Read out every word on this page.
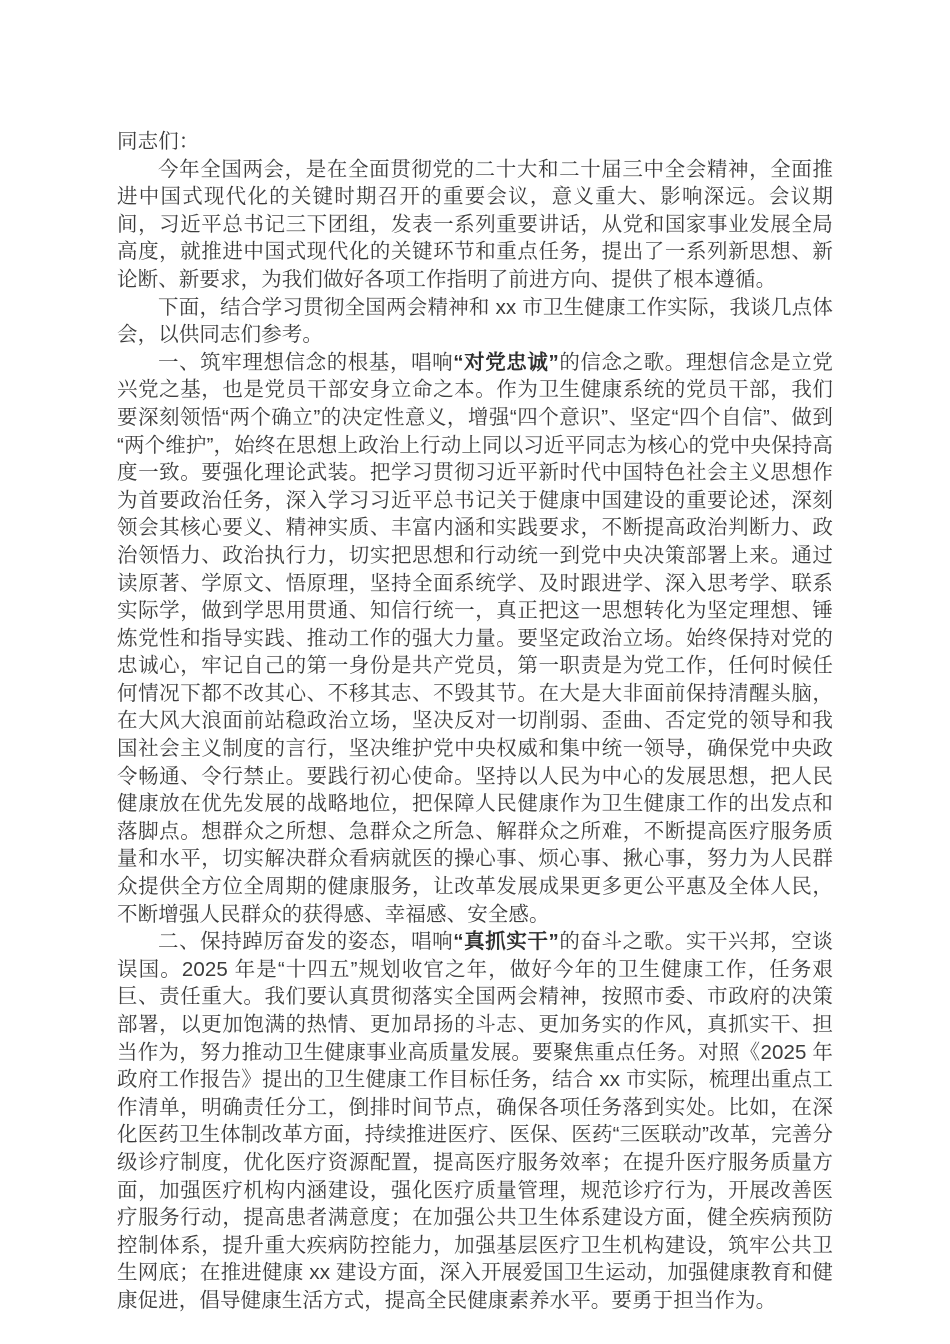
同志们：

今年全国两会，是在全面贯彻党的二十大和二十届三中全会精神，全面推进中国式现代化的关键时期召开的重要会议，意义重大、影响深远。会议期间，习近平总书记三下团组，发表一系列重要讲话，从党和国家事业发展全局高度，就推进中国式现代化的关键环节和重点任务，提出了一系列新思想、新论断、新要求，为我们做好各项工作指明了前进方向、提供了根本遵循。

下面，结合学习贯彻全国两会精神和 xx 市卫生健康工作实际，我谈几点体会，以供同志们参考。

一、筑牢理想信念的根基，唱响“对党忠诚”的信念之歌。理想信念是立党兴党之基，也是党员干部安身立命之本。作为卫生健康系统的党员干部，我们要深刻领悟“两个确立”的决定性意义，增强“四个意识”、坚定“四个自信”、做到“两个维护”，始终在思想上政治上行动上同以习近平同志为核心的党中央保持高度一致。要强化理论武装。把学习贯彻习近平新时代中国特色社会主义思想作为首要政治任务，深入学习习近平总书记关于健康中国建设的重要论述，深刻领会其核心要义、精神实质、丰富内涵和实践要求，不断提高政治判断力、政治领悟力、政治执行力，切实把思想和行动统一到党中央决策部署上来。通过读原著、学原文、悟原理，坚持全面系统学、及时跟进学、深入思考学、联系实际学，做到学思用贯通、知信行统一，真正把这一思想转化为坚定理想、锤炼党性和指导实践、推动工作的强大力量。要坚定政治立场。始终保持对党的忠诚心，牢记自己的第一身份是共产党员，第一职责是为党工作，任何时候任何情况下都不改其心、不移其志、不毁其节。在大是大非面前保持清醒头脑，在大风大浪面前站稳政治立场，坚决反对一切削弱、歪曲、否定党的领导和我国社会主义制度的言行，坚决维护党中央权威和集中统一领导，确保党中央政令畅通、令行禁止。要践行初心使命。坚持以人民为中心的发展思想，把人民健康放在优先发展的战略地位，把保障人民健康作为卫生健康工作的出发点和落脚点。想群众之所想、急群众之所急、解群众之所难，不断提高医疗服务质量和水平，切实解决群众看病就医的操心事、烦心事、揪心事，努力为人民群众提供全方位全周期的健康服务，让改革发展成果更多更公平惠及全体人民，不断增强人民群众的获得感、幸福感、安全感。

二、保持踔厉奋发的姿态，唱响“真抓实干”的奋斗之歌。实干兴邦，空谈误国。2025 年是“十四五”规划收官之年，做好今年的卫生健康工作，任务艰巨、责任重大。我们要认真贯彻落实全国两会精神，按照市委、市政府的决策部署，以更加饱满的热情、更加昂扬的斗志、更加务实的作风，真抓实干、担当作为，努力推动卫生健康事业高质量发展。要聚焦重点任务。对照《2025 年政府工作报告》提出的卫生健康工作目标任务，结合 xx 市实际，梳理出重点工作清单，明确责任分工，倒排时间节点，确保各项任务落到实处。比如，在深化医药卫生体制改革方面，持续推进医疗、医保、医药“三医联动”改革，完善分级诊疗制度，优化医疗资源配置，提高医疗服务效率；在提升医疗服务质量方面，加强医疗机构内涵建设，强化医疗质量管理，规范诊疗行为，开展改善医疗服务行动，提高患者满意度；在加强公共卫生体系建设方面，健全疾病预防控制体系，提升重大疾病防控能力，加强基层医疗卫生机构建设，筑牢公共卫生网底；在推进健康 xx 建设方面，深入开展爱国卫生运动，加强健康教育和健康促进，倡导健康生活方式，提高全民健康素养水平。要勇于担当作为。
